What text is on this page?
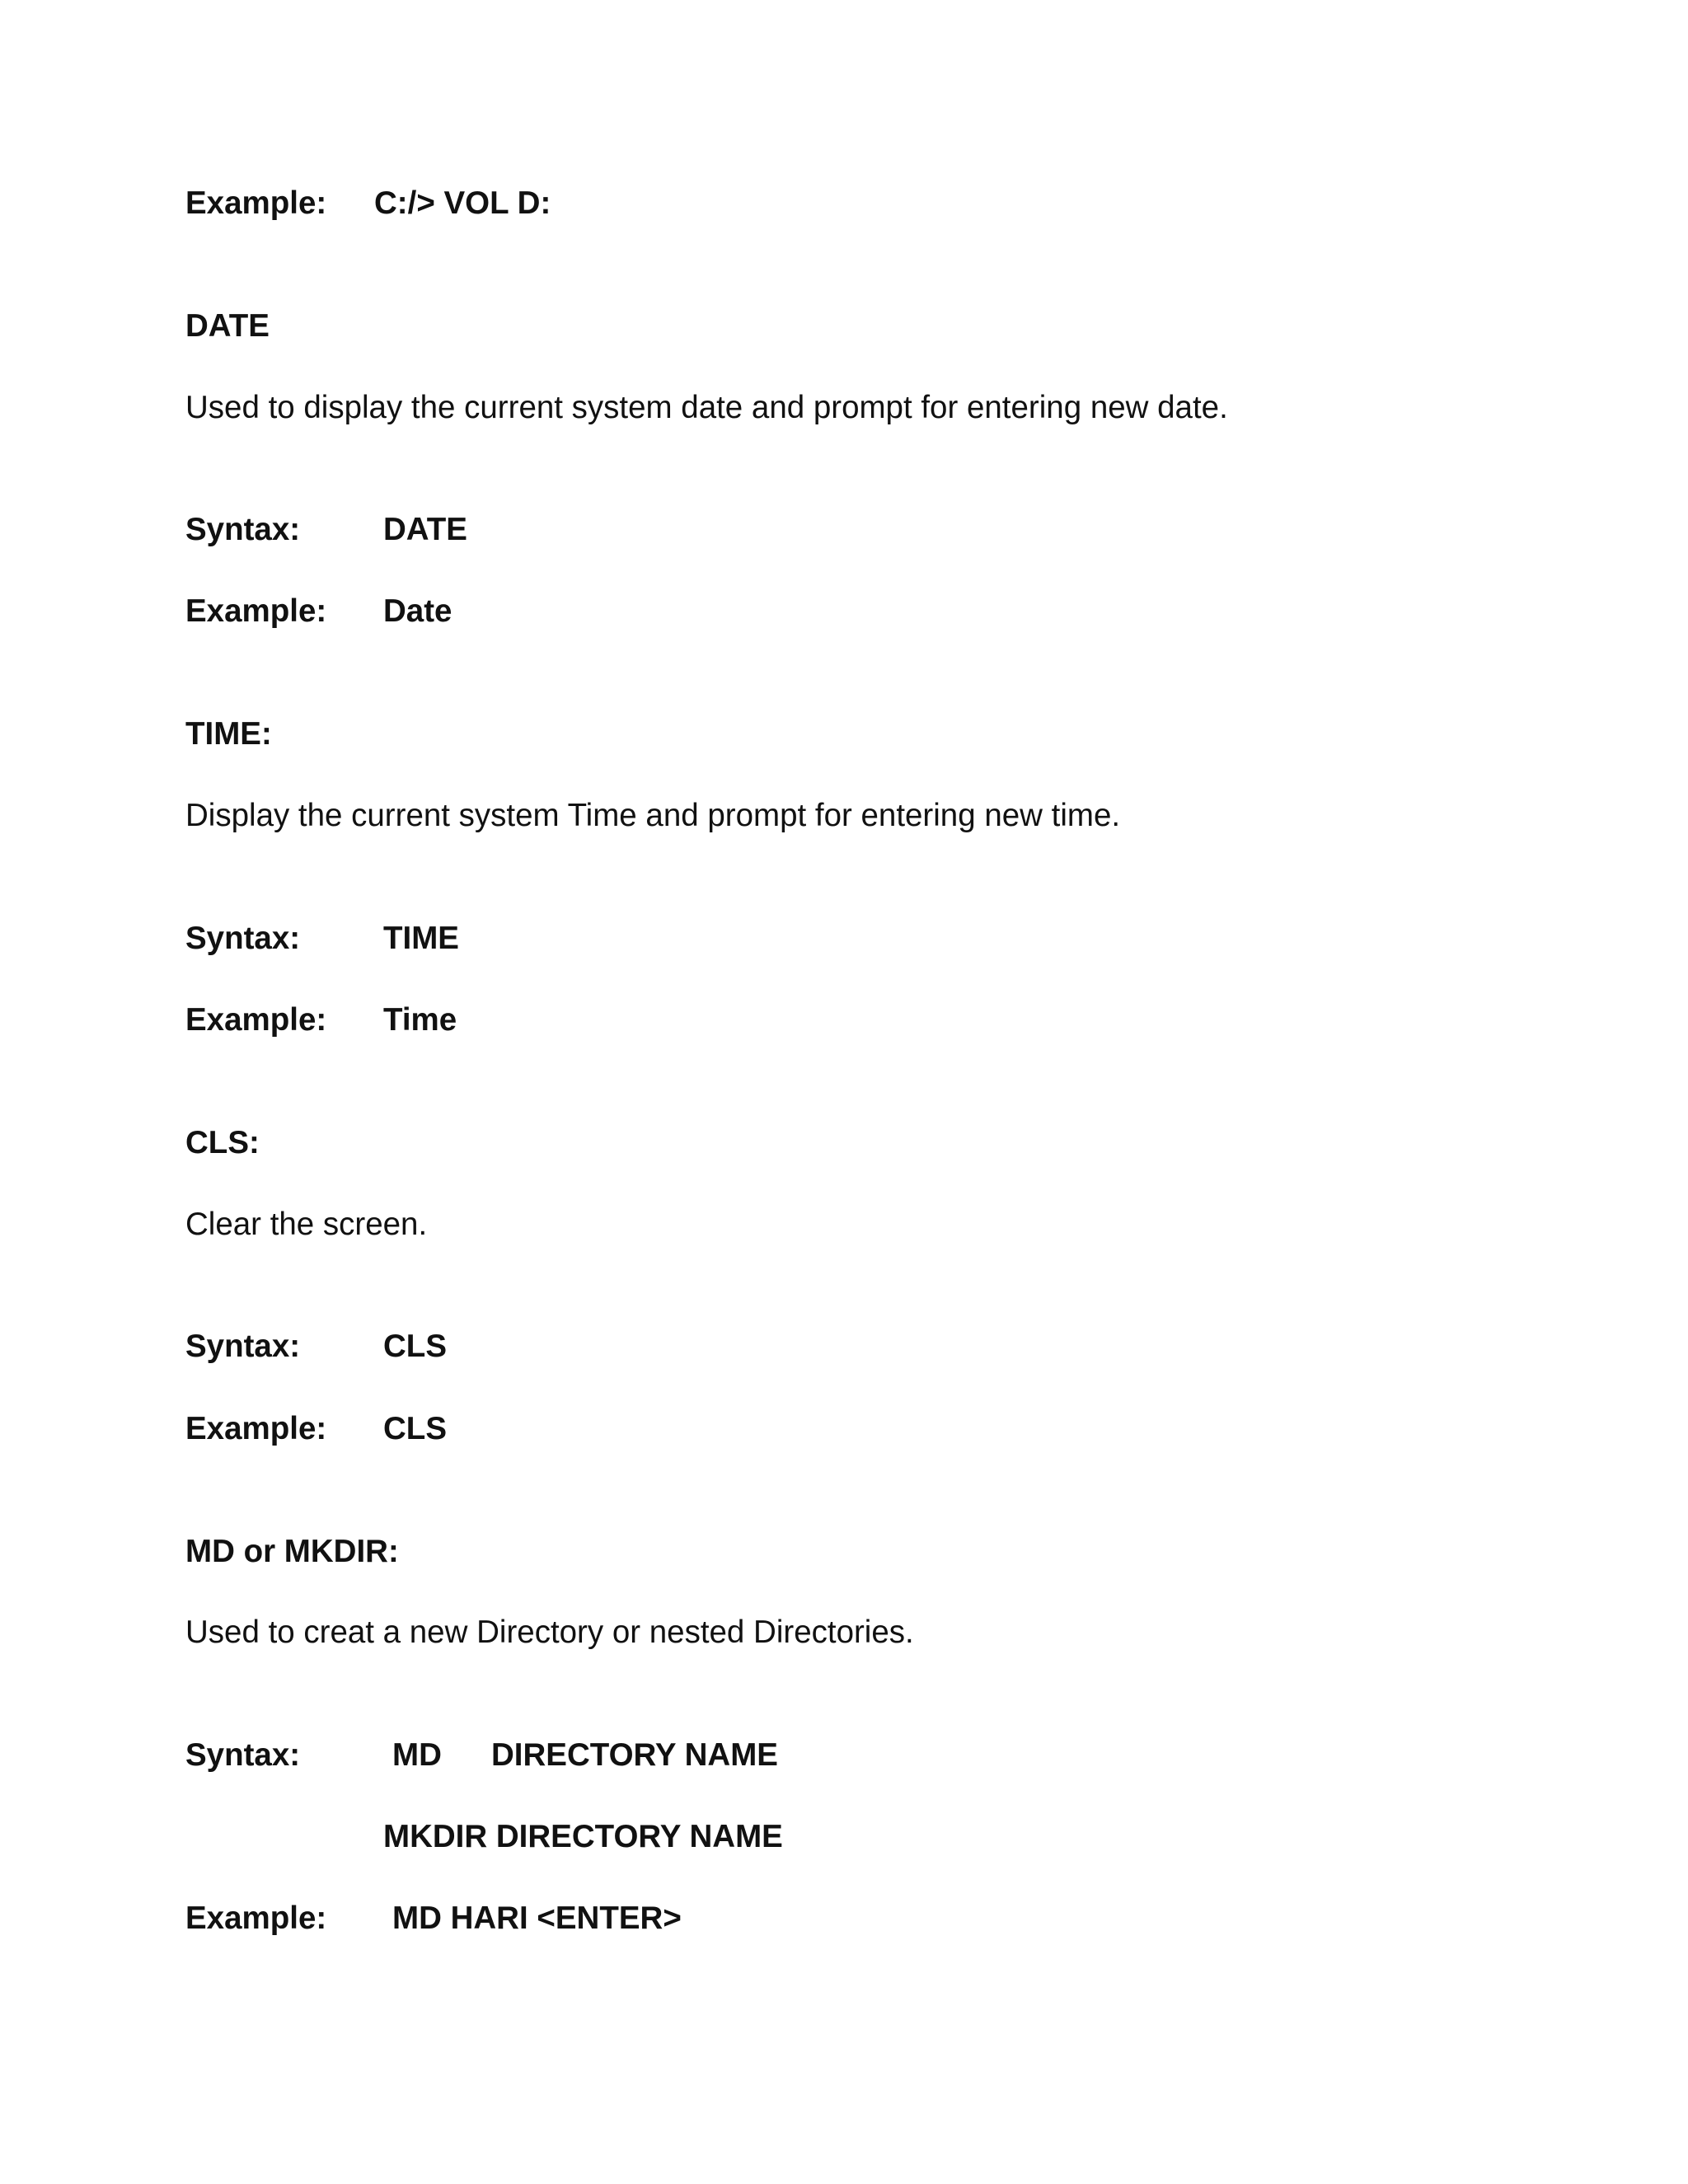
Example: C:/> VOL D:
DATE
Used to display the current system date and prompt for entering new date.
Syntax:	DATE
Example: Date
TIME:
Display the current system Time and prompt for entering new time.
Syntax:	TIME
Example: Time
CLS:
Clear the screen.
Syntax:	CLS
Example: CLS
MD or MKDIR:
Used to creat a new Directory or nested Directories.
Syntax:	MD DIRECTORY NAME
MKDIR DIRECTORY NAME
Example: MD HARI <ENTER>
